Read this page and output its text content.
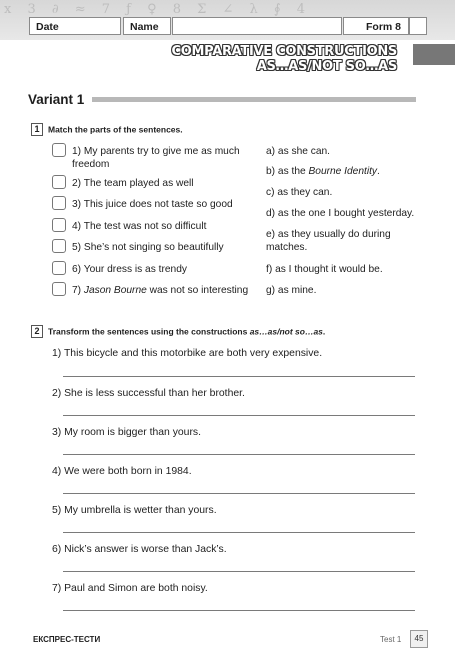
x 3 ∂ ≈ 7 ƒ ♀ 8 Σ ∠ λ ∮ 4
Date	Name	Form 8
COMPARATIVE CONSTRUCTIONS
AS…AS/NOT SO…AS
Variant 1
1 Match the parts of the sentences.
1) My parents try to give me as much freedom
2) The team played as well
3) This juice does not taste so good
4) The test was not so difficult
5) She’s not singing so beautifully
6) Your dress is as trendy
7) Jason Bourne was not so interesting
a) as she can.
b) as the Bourne Identity.
c) as they can.
d) as the one I bought yesterday.
e) as they usually do during matches.
f) as I thought it would be.
g) as mine.
2 Transform the sentences using the constructions as…as/not so…as.
1) This bicycle and this motorbike are both very expensive.
2) She is less successful than her brother.
3) My room is bigger than yours.
4) We were both born in 1984.
5) My umbrella is wetter than yours.
6) Nick’s answer is worse than Jack’s.
7) Paul and Simon are both noisy.
ЕКСПРЕС-ТЕСТИ	Test 1	45
